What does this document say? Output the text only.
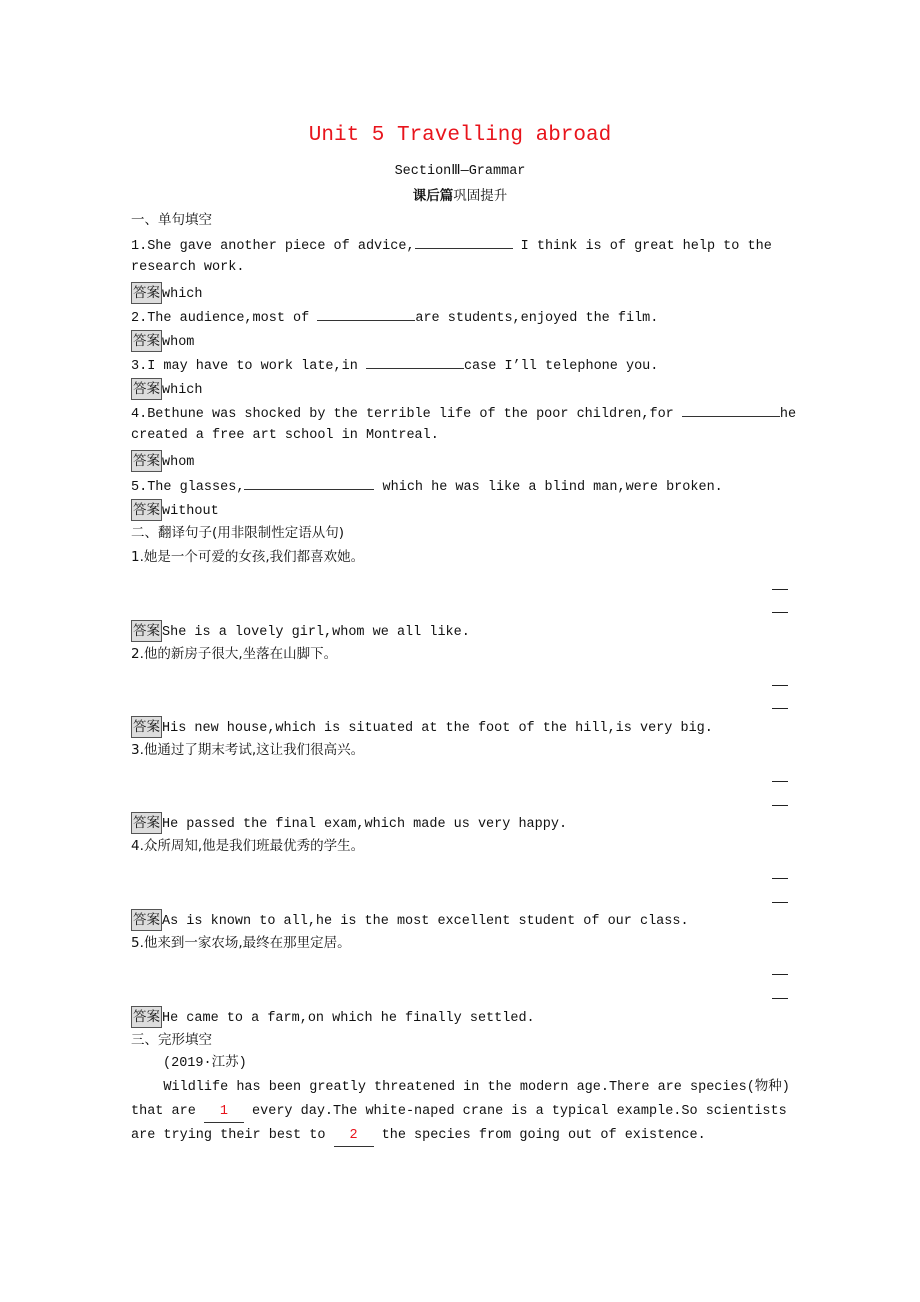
Unit 5 Travelling abroad
SectionⅢ—Grammar
课后篇巩固提升
一、单句填空
1.She gave another piece of advice,	I think is of great help to the
research work.
答案 which
2.The audience,most of	are students,enjoyed the film.
答案 whom
3.I may have to work late,in	case I’ll telephone you.
答案 which
4.Bethune was shocked by the terrible life of the poor children,for	he
created a free art school in Montreal.
答案 whom
5.The glasses,	which he was like a blind man,were broken.
答案 without
二、翻译句子(用非限制性定语从句)
1.她是一个可爱的女孩,我们都喜欢她。
答案 She is a lovely girl,whom we all like.
2.他的新房子很大,坐落在山脚下。
答案 His new house,which is situated at the foot of the hill,is very big.
3.他通过了期末考试,这让我们很高兴。
答案 He passed the final exam,which made us very happy.
4.众所周知,他是我们班最优秀的学生。
答案 As is known to all,he is the most excellent student of our class.
5.他来到一家农场,最终在那里定居。
答案 He came to a farm,on which he finally settled.
三、完形填空
(2019·江苏)
Wildlife has been greatly threatened in the modern age.There are species(物种)
that are 1 every day.The white-naped crane is a typical example.So scientists
are trying their best to 2 the species from going out of existence.
